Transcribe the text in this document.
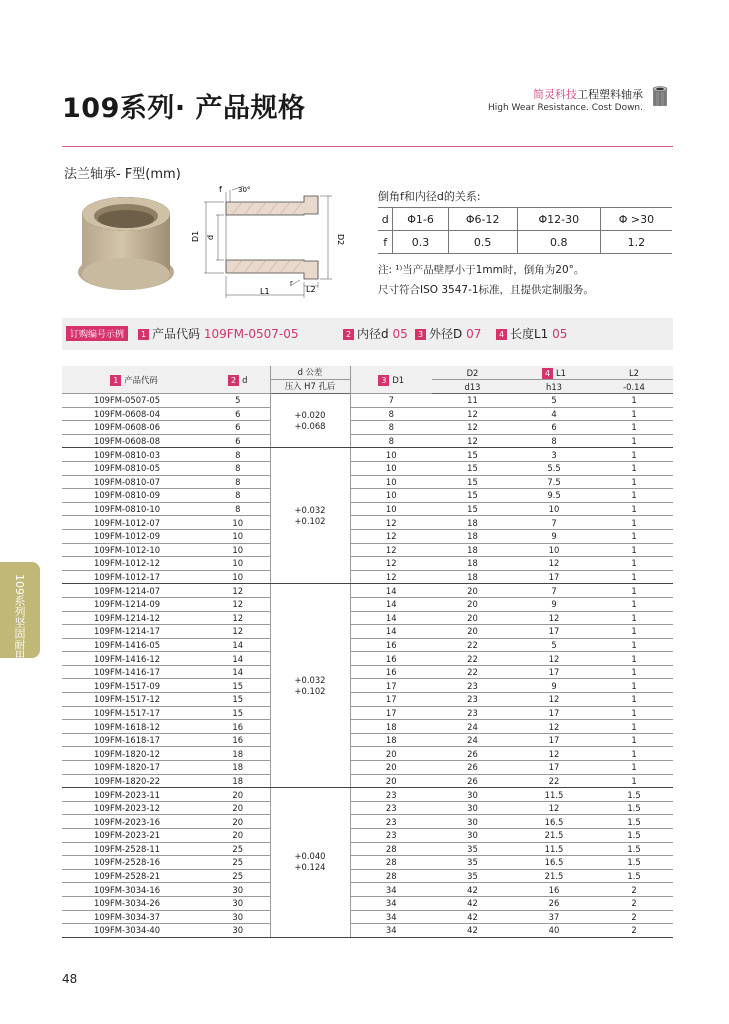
109系列· 产品规格	简灵科技工程塑料轴承
High Wear Resistance. Cost Down.
法兰轴承- F型(mm)
f 30°
D1 d	D2
L1	L2
r
倒角f和内径d的关系:
d	Φ1-6	Φ6-12	Φ12-30	Φ >30
f	0.3	0.5	0.8	1.2
注: ¹⁾当产品壁厚小于1mm时，倒角为20°。
尺寸符合ISO 3547-1标准，且提供定制服务。
订购编号示例	1 产品代码 109FM-0507-05	2 内径d 05	3 外径D 07	4 长度L1 05
1 产品代码	2 d	d 公差	3 D1	D2	4 L1	L2
		压入 H7 孔后		d13	h13	-0.14
109FM-0507-05	5	+0.020
+0.068	7	11	5	1
109FM-0608-04	6		8	12	4	1
109FM-0608-06	6		8	12	6	1
109FM-0608-08	6		8	12	8	1
109FM-0810-03	8	+0.032
+0.102	10	15	3	1
109FM-0810-05	8		10	15	5.5	1
109FM-0810-07	8		10	15	7.5	1
109FM-0810-09	8		10	15	9.5	1
109FM-0810-10	8		10	15	10	1
109FM-1012-07	10		12	18	7	1
109FM-1012-09	10		12	18	9	1
109FM-1012-10	10		12	18	10	1
109FM-1012-12	10		12	18	12	1
109FM-1012-17	10		12	18	17	1
109FM-1214-07	12	+0.032
+0.102	14	20	7	1
109FM-1214-09	12		14	20	9	1
109FM-1214-12	12		14	20	12	1
109FM-1214-17	12		14	20	17	1
109FM-1416-05	14		16	22	5	1
109FM-1416-12	14		16	22	12	1
109FM-1416-17	14		16	22	17	1
109FM-1517-09	15		17	23	9	1
109FM-1517-12	15		17	23	12	1
109FM-1517-17	15		17	23	17	1
109FM-1618-12	16		18	24	12	1
109FM-1618-17	16		18	24	17	1
109FM-1820-12	18		20	26	12	1
109FM-1820-17	18		20	26	17	1
109FM-1820-22	18		20	26	22	1
109FM-2023-11	20	+0.040
+0.124	23	30	11.5	1.5
109FM-2023-12	20		23	30	12	1.5
109FM-2023-16	20		23	30	16.5	1.5
109FM-2023-21	20		23	30	21.5	1.5
109FM-2528-11	25		28	35	11.5	1.5
109FM-2528-16	25		28	35	16.5	1.5
109FM-2528-21	25		28	35	21.5	1.5
109FM-3034-16	30		34	42	16	2
109FM-3034-26	30		34	42	26	2
109FM-3034-37	30		34	42	37	2
109FM-3034-40	30		34	42	40	2
109系列坚固耐用
48
